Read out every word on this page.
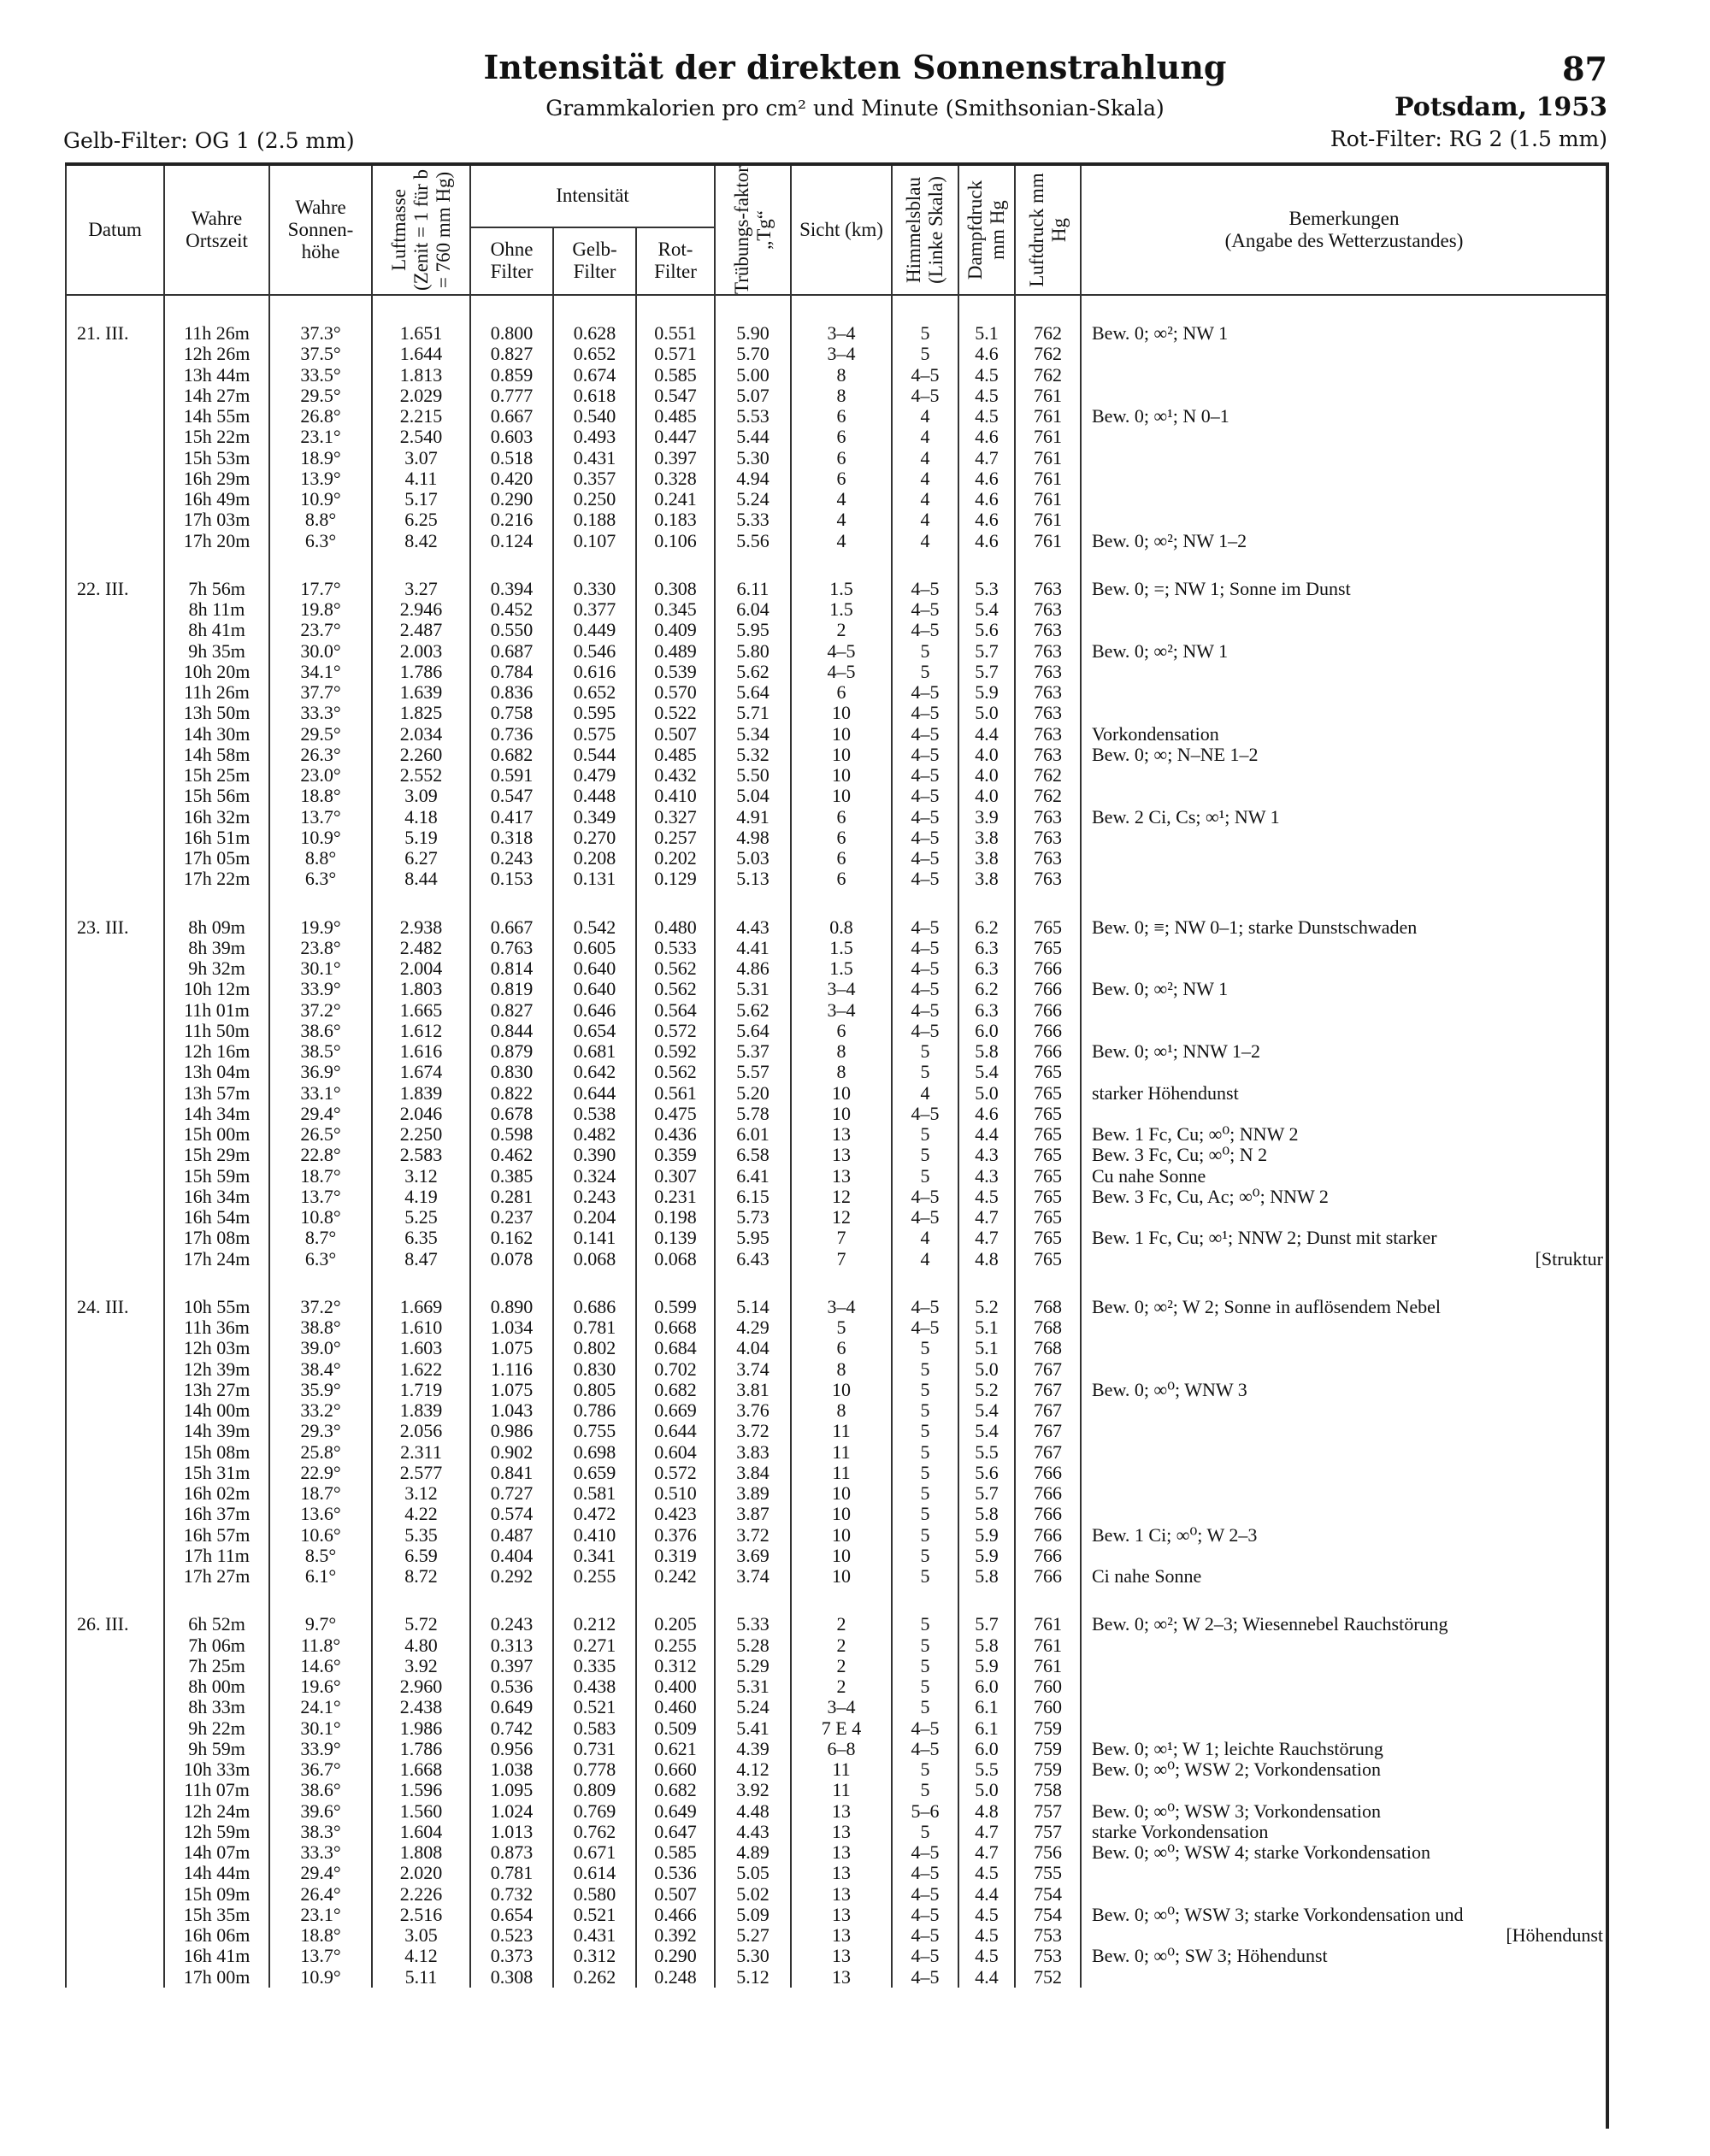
Intensität der direkten Sonnenstrahlung
Grammkalorien pro cm² und Minute (Smithsonian-Skala)
87
Potsdam, 1953
Gelb-Filter: OG 1 (2.5 mm)	Rot-Filter: RG 2 (1.5 mm)
Datum	Wahre Ortszeit	Wahre Sonnen-höhe	Luftmasse (Zenit = 1 für b = 760 mm Hg)	Intensität			Trübungs-faktor „Tg“	Sicht (km)	Himmelsblau (Linke Skala)	Dampfdruck mm Hg	Luftdruck mm Hg	Bemerkungen
(Angabe des Wetterzustandes)

				Ohne Filter	Gelb-Filter	Rot-Filter						

21. III.	11h 26m	37.3°	1.651	0.800	0.628	0.551	5.90	3–4	5	5.1	762	Bew. 0; ∞²; NW 1
	12h 26m	37.5°	1.644	0.827	0.652	0.571	5.70	3–4	5	4.6	762	
	13h 44m	33.5°	1.813	0.859	0.674	0.585	5.00	8	4–5	4.5	762	
	14h 27m	29.5°	2.029	0.777	0.618	0.547	5.07	8	4–5	4.5	761	
	14h 55m	26.8°	2.215	0.667	0.540	0.485	5.53	6	4	4.5	761	Bew. 0; ∞¹; N 0–1
	15h 22m	23.1°	2.540	0.603	0.493	0.447	5.44	6	4	4.6	761	
	15h 53m	18.9°	3.07	0.518	0.431	0.397	5.30	6	4	4.7	761	
	16h 29m	13.9°	4.11	0.420	0.357	0.328	4.94	6	4	4.6	761	
	16h 49m	10.9°	5.17	0.290	0.250	0.241	5.24	4	4	4.6	761	
	17h 03m	8.8°	6.25	0.216	0.188	0.183	5.33	4	4	4.6	761	
	17h 20m	6.3°	8.42	0.124	0.107	0.106	5.56	4	4	4.6	761	Bew. 0; ∞²; NW 1–2

22. III.	7h 56m	17.7°	3.27	0.394	0.330	0.308	6.11	1.5	4–5	5.3	763	Bew. 0; =; NW 1; Sonne im Dunst
	8h 11m	19.8°	2.946	0.452	0.377	0.345	6.04	1.5	4–5	5.4	763	
	8h 41m	23.7°	2.487	0.550	0.449	0.409	5.95	2	4–5	5.6	763	
	9h 35m	30.0°	2.003	0.687	0.546	0.489	5.80	4–5	5	5.7	763	Bew. 0; ∞²; NW 1
	10h 20m	34.1°	1.786	0.784	0.616	0.539	5.62	4–5	5	5.7	763	
	11h 26m	37.7°	1.639	0.836	0.652	0.570	5.64	6	4–5	5.9	763	
	13h 50m	33.3°	1.825	0.758	0.595	0.522	5.71	10	4–5	5.0	763	
	14h 30m	29.5°	2.034	0.736	0.575	0.507	5.34	10	4–5	4.4	763	Vorkondensation
	14h 58m	26.3°	2.260	0.682	0.544	0.485	5.32	10	4–5	4.0	763	Bew. 0; ∞; N–NE 1–2
	15h 25m	23.0°	2.552	0.591	0.479	0.432	5.50	10	4–5	4.0	762	
	15h 56m	18.8°	3.09	0.547	0.448	0.410	5.04	10	4–5	4.0	762	
	16h 32m	13.7°	4.18	0.417	0.349	0.327	4.91	6	4–5	3.9	763	Bew. 2 Ci, Cs; ∞¹; NW 1
	16h 51m	10.9°	5.19	0.318	0.270	0.257	4.98	6	4–5	3.8	763	
	17h 05m	8.8°	6.27	0.243	0.208	0.202	5.03	6	4–5	3.8	763	
	17h 22m	6.3°	8.44	0.153	0.131	0.129	5.13	6	4–5	3.8	763	

23. III.	8h 09m	19.9°	2.938	0.667	0.542	0.480	4.43	0.8	4–5	6.2	765	Bew. 0; ≡; NW 0–1; starke Dunstschwaden
	8h 39m	23.8°	2.482	0.763	0.605	0.533	4.41	1.5	4–5	6.3	765	
	9h 32m	30.1°	2.004	0.814	0.640	0.562	4.86	1.5	4–5	6.3	766	
	10h 12m	33.9°	1.803	0.819	0.640	0.562	5.31	3–4	4–5	6.2	766	Bew. 0; ∞²; NW 1
	11h 01m	37.2°	1.665	0.827	0.646	0.564	5.62	3–4	4–5	6.3	766	
	11h 50m	38.6°	1.612	0.844	0.654	0.572	5.64	6	4–5	6.0	766	
	12h 16m	38.5°	1.616	0.879	0.681	0.592	5.37	8	5	5.8	766	Bew. 0; ∞¹; NNW 1–2
	13h 04m	36.9°	1.674	0.830	0.642	0.562	5.57	8	5	5.4	765	
	13h 57m	33.1°	1.839	0.822	0.644	0.561	5.20	10	4	5.0	765	starker Höhendunst
	14h 34m	29.4°	2.046	0.678	0.538	0.475	5.78	10	4–5	4.6	765	
	15h 00m	26.5°	2.250	0.598	0.482	0.436	6.01	13	5	4.4	765	Bew. 1 Fc, Cu; ∞⁰; NNW 2
	15h 29m	22.8°	2.583	0.462	0.390	0.359	6.58	13	5	4.3	765	Bew. 3 Fc, Cu; ∞⁰; N 2
	15h 59m	18.7°	3.12	0.385	0.324	0.307	6.41	13	5	4.3	765	Cu nahe Sonne
	16h 34m	13.7°	4.19	0.281	0.243	0.231	6.15	12	4–5	4.5	765	Bew. 3 Fc, Cu, Ac; ∞⁰; NNW 2
	16h 54m	10.8°	5.25	0.237	0.204	0.198	5.73	12	4–5	4.7	765	
	17h 08m	8.7°	6.35	0.162	0.141	0.139	5.95	7	4	4.7	765	Bew. 1 Fc, Cu; ∞¹; NNW 2; Dunst mit starker
	17h 24m	6.3°	8.47	0.078	0.068	0.068	6.43	7	4	4.8	765	[Struktur

24. III.	10h 55m	37.2°	1.669	0.890	0.686	0.599	5.14	3–4	4–5	5.2	768	Bew. 0; ∞²; W 2; Sonne in auflösendem Nebel
	11h 36m	38.8°	1.610	1.034	0.781	0.668	4.29	5	4–5	5.1	768	
	12h 03m	39.0°	1.603	1.075	0.802	0.684	4.04	6	5	5.1	768	
	12h 39m	38.4°	1.622	1.116	0.830	0.702	3.74	8	5	5.0	767	
	13h 27m	35.9°	1.719	1.075	0.805	0.682	3.81	10	5	5.2	767	Bew. 0; ∞⁰; WNW 3
	14h 00m	33.2°	1.839	1.043	0.786	0.669	3.76	8	5	5.4	767	
	14h 39m	29.3°	2.056	0.986	0.755	0.644	3.72	11	5	5.4	767	
	15h 08m	25.8°	2.311	0.902	0.698	0.604	3.83	11	5	5.5	767	
	15h 31m	22.9°	2.577	0.841	0.659	0.572	3.84	11	5	5.6	766	
	16h 02m	18.7°	3.12	0.727	0.581	0.510	3.89	10	5	5.7	766	
	16h 37m	13.6°	4.22	0.574	0.472	0.423	3.87	10	5	5.8	766	
	16h 57m	10.6°	5.35	0.487	0.410	0.376	3.72	10	5	5.9	766	Bew. 1 Ci; ∞⁰; W 2–3
	17h 11m	8.5°	6.59	0.404	0.341	0.319	3.69	10	5	5.9	766	
	17h 27m	6.1°	8.72	0.292	0.255	0.242	3.74	10	5	5.8	766	Ci nahe Sonne

26. III.	6h 52m	9.7°	5.72	0.243	0.212	0.205	5.33	2	5	5.7	761	Bew. 0; ∞²; W 2–3; Wiesennebel Rauchstörung
	7h 06m	11.8°	4.80	0.313	0.271	0.255	5.28	2	5	5.8	761	
	7h 25m	14.6°	3.92	0.397	0.335	0.312	5.29	2	5	5.9	761	
	8h 00m	19.6°	2.960	0.536	0.438	0.400	5.31	2	5	6.0	760	
	8h 33m	24.1°	2.438	0.649	0.521	0.460	5.24	3–4	5	6.1	760	
	9h 22m	30.1°	1.986	0.742	0.583	0.509	5.41	7 E 4	4–5	6.1	759	
	9h 59m	33.9°	1.786	0.956	0.731	0.621	4.39	6–8	4–5	6.0	759	Bew. 0; ∞¹; W 1; leichte Rauchstörung
	10h 33m	36.7°	1.668	1.038	0.778	0.660	4.12	11	5	5.5	759	Bew. 0; ∞⁰; WSW 2; Vorkondensation
	11h 07m	38.6°	1.596	1.095	0.809	0.682	3.92	11	5	5.0	758	
	12h 24m	39.6°	1.560	1.024	0.769	0.649	4.48	13	5–6	4.8	757	Bew. 0; ∞⁰; WSW 3; Vorkondensation
	12h 59m	38.3°	1.604	1.013	0.762	0.647	4.43	13	5	4.7	757	starke Vorkondensation
	14h 07m	33.3°	1.808	0.873	0.671	0.585	4.89	13	4–5	4.7	756	Bew. 0; ∞⁰; WSW 4; starke Vorkondensation
	14h 44m	29.4°	2.020	0.781	0.614	0.536	5.05	13	4–5	4.5	755	
	15h 09m	26.4°	2.226	0.732	0.580	0.507	5.02	13	4–5	4.4	754	
	15h 35m	23.1°	2.516	0.654	0.521	0.466	5.09	13	4–5	4.5	754	Bew. 0; ∞⁰; WSW 3; starke Vorkondensation und
	16h 06m	18.8°	3.05	0.523	0.431	0.392	5.27	13	4–5	4.5	753	[Höhendunst
	16h 41m	13.7°	4.12	0.373	0.312	0.290	5.30	13	4–5	4.5	753	Bew. 0; ∞⁰; SW 3; Höhendunst
	17h 00m	10.9°	5.11	0.308	0.262	0.248	5.12	13	4–5	4.4	752	
